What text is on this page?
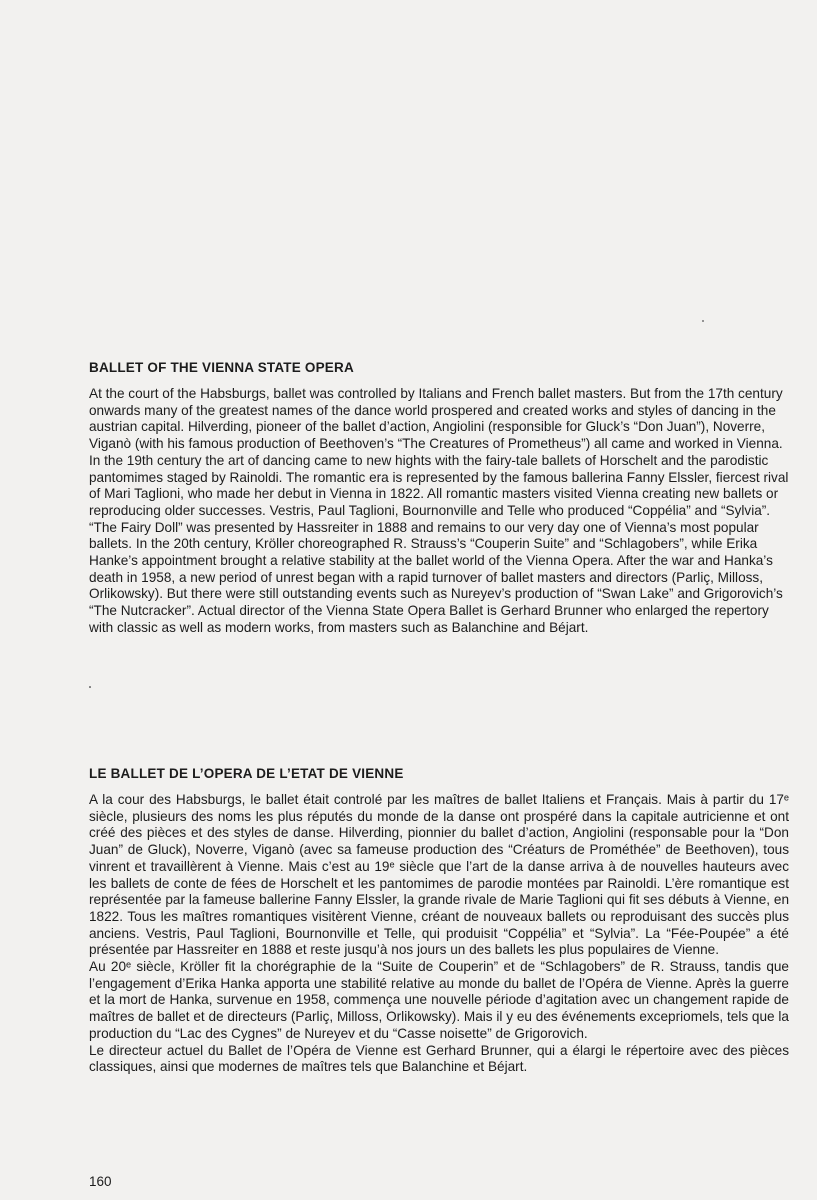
BALLET OF THE VIENNA STATE OPERA

At the court of the Habsburgs, ballet was controlled by Italians and French ballet masters. But from the 17th century onwards many of the greatest names of the dance world prospered and created works and styles of dancing in the austrian capital. Hilverding, pioneer of the ballet d’action, Angiolini (responsible for Gluck’s “Don Juan”), Noverre, Viganò (with his famous production of Beethoven’s “The Creatures of Prometheus”) all came and worked in Vienna.

In the 19th century the art of dancing came to new hights with the fairy-tale ballets of Horschelt and the parodistic pantomimes staged by Rainoldi. The romantic era is represented by the famous ballerina Fanny Elssler, fiercest rival of Mari Taglioni, who made her debut in Vienna in 1822. All romantic masters visited Vienna creating new ballets or reproducing older successes. Vestris, Paul Taglioni, Bournonville and Telle who produced “Coppélia” and “Sylvia”. “The Fairy Doll” was presented by Hassreiter in 1888 and remains to our very day one of Vienna’s most popular ballets. In the 20th century, Kröller choreographed R. Strauss’s “Couperin Suite” and “Schlagobers”, while Erika Hanke’s appointment brought a relative stability at the ballet world of the Vienna Opera. After the war and Hanka’s death in 1958, a new period of unrest began with a rapid turnover of ballet masters and directors (Parliç, Milloss, Orlikowsky). But there were still outstanding events such as Nureyev’s production of “Swan Lake” and Grigorovich’s “The Nutcracker”. Actual director of the Vienna State Opera Ballet is Gerhard Brunner who enlarged the repertory with classic as well as modern works, from masters such as Balanchine and Béjart.

LE BALLET DE L’OPERA DE L’ETAT DE VIENNE

A la cour des Habsburgs, le ballet était controlé par les maîtres de ballet Italiens et Français. Mais à partir du 17ᵉ siècle, plusieurs des noms les plus réputés du monde de la danse ont prospéré dans la capitale autricienne et ont créé des pièces et des styles de danse. Hilverding, pionnier du ballet d’action, Angiolini (responsable pour la “Don Juan” de Gluck), Noverre, Viganò (avec sa fameuse production des “Créaturs de Prométhée” de Beethoven), tous vinrent et travaillèrent à Vienne. Mais c’est au 19ᵉ siècle que l’art de la danse arriva à de nouvelles hauteurs avec les ballets de conte de fées de Horschelt et les pantomimes de parodie montées par Rainoldi. L’ère romantique est représentée par la fameuse ballerine Fanny Elssler, la grande rivale de Marie Taglioni qui fit ses débuts à Vienne, en 1822. Tous les maîtres romantiques visitèrent Vienne, créant de nouveaux ballets ou reproduisant des succès plus anciens. Vestris, Paul Taglioni, Bournonville et Telle, qui produisit “Coppélia” et “Sylvia”. La “Fée-Poupée” a été présentée par Hassreiter en 1888 et reste jusqu’à nos jours un des ballets les plus populaires de Vienne.

Au 20ᵉ siècle, Kröller fit la chorégraphie de la “Suite de Couperin” et de “Schlagobers” de R. Strauss, tandis que l’engagement d’Erika Hanka apporta une stabilité relative au monde du ballet de l’Opéra de Vienne. Après la guerre et la mort de Hanka, survenue en 1958, commença une nouvelle période d’agitation avec un changement rapide de maîtres de ballet et de directeurs (Parliç, Milloss, Orlikowsky). Mais il y eu des événements excepriomels, tels que la production du “Lac des Cygnes” de Nureyev et du “Casse noisette” de Grigorovich.

Le directeur actuel du Ballet de l’Opéra de Vienne est Gerhard Brunner, qui a élargi le répertoire avec des pièces classiques, ainsi que modernes de maîtres tels que Balanchine et Béjart.

160
